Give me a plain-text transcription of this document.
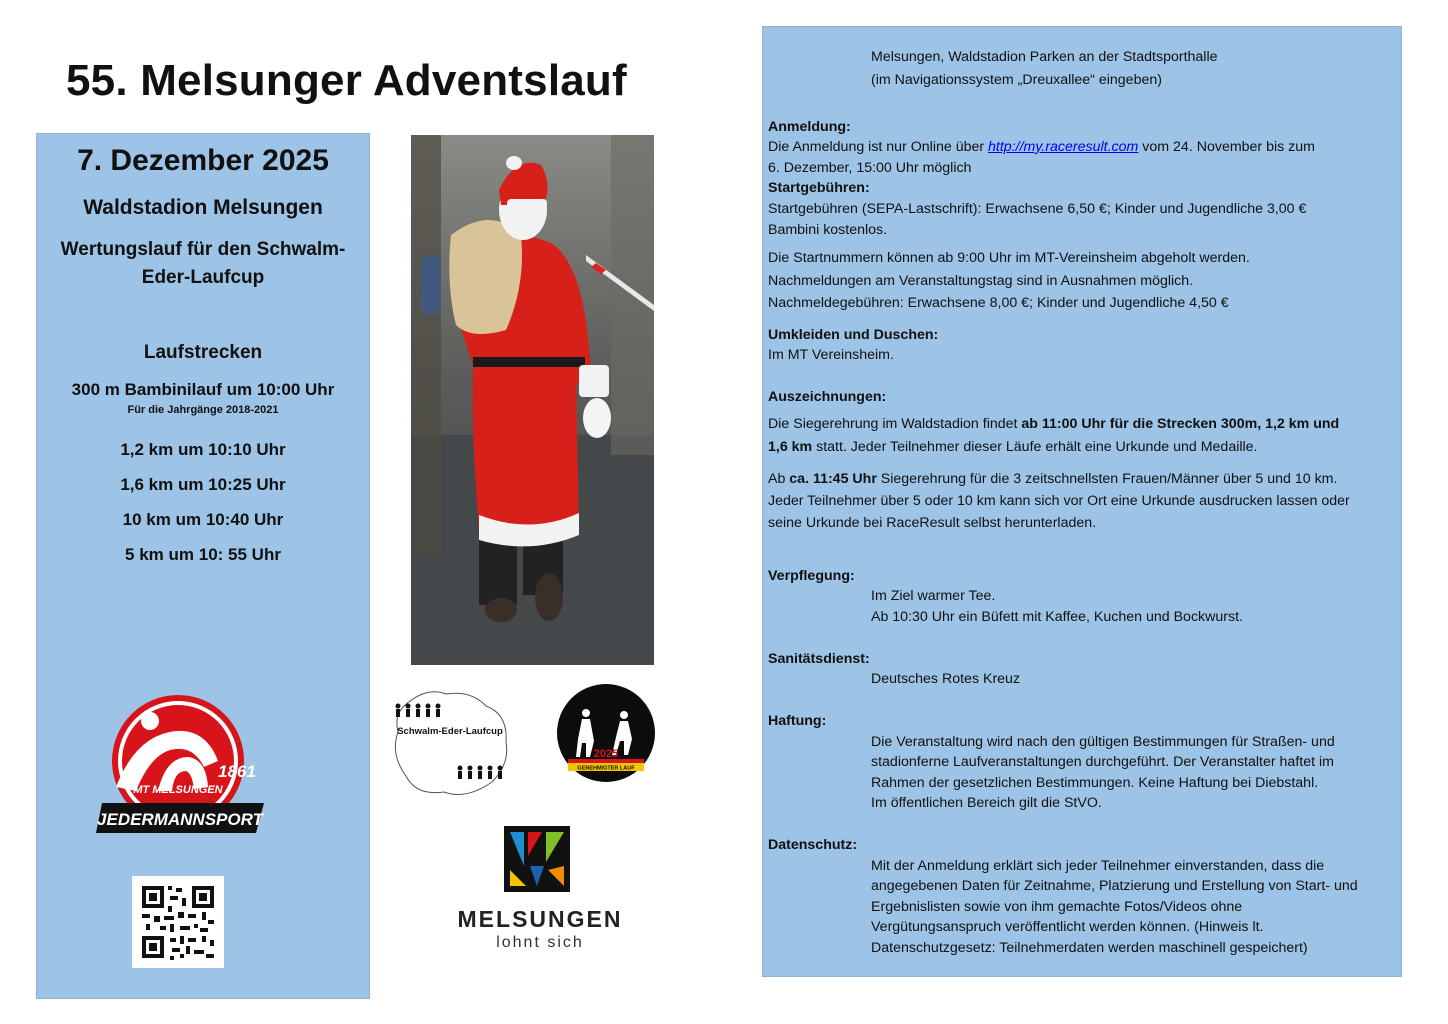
55. Melsunger Adventslauf
7. Dezember 2025
Waldstadion Melsungen
Wertungslauf für den Schwalm-
Eder-Laufcup
Laufstrecken
300 m Bambinilauf um 10:00 Uhr
Für die Jahrgänge 2018-2021
1,2 km um 10:10 Uhr
1,6 km um 10:25 Uhr
10 km um 10:40 Uhr
5 km um 10: 55 Uhr
1861
MT MELSUNGEN
JEDERMANNSPORT
Schwalm-Eder-Laufcup
2025
GENEHMIGTER LAUF
MELSUNGEN
lohnt sich
Melsungen, Waldstadion Parken an der Stadtsporthalle
(im Navigationssystem „Dreuxallee“ eingeben)
Anmeldung:
Die Anmeldung ist nur Online über http://my.raceresult.com vom 24. November bis zum
6. Dezember, 15:00 Uhr möglich
Startgebühren:
Startgebühren (SEPA-Lastschrift): Erwachsene 6,50 €; Kinder und Jugendliche 3,00 €
Bambini kostenlos.
Die Startnummern können ab 9:00 Uhr im MT-Vereinsheim abgeholt werden.
Nachmeldungen am Veranstaltungstag sind in Ausnahmen möglich.
Nachmeldegebühren: Erwachsene 8,00 €; Kinder und Jugendliche 4,50 €
Umkleiden und Duschen:
Im MT Vereinsheim.
Auszeichnungen:
Die Siegerehrung im Waldstadion findet ab 11:00 Uhr für die Strecken 300m, 1,2 km und
1,6 km statt. Jeder Teilnehmer dieser Läufe erhält eine Urkunde und Medaille.
Ab ca. 11:45 Uhr Siegerehrung für die 3 zeitschnellsten Frauen/Männer über 5 und 10 km.
Jeder Teilnehmer über 5 oder 10 km kann sich vor Ort eine Urkunde ausdrucken lassen oder
seine Urkunde bei RaceResult selbst herunterladen.
Verpflegung:
Im Ziel warmer Tee.
Ab 10:30 Uhr ein Büfett mit Kaffee, Kuchen und Bockwurst.
Sanitätsdienst:
Deutsches Rotes Kreuz
Haftung:
Die Veranstaltung wird nach den gültigen Bestimmungen für Straßen- und
stadionferne Laufveranstaltungen durchgeführt. Der Veranstalter haftet im
Rahmen der gesetzlichen Bestimmungen. Keine Haftung bei Diebstahl.
Im öffentlichen Bereich gilt die StVO.
Datenschutz:
Mit der Anmeldung erklärt sich jeder Teilnehmer einverstanden, dass die
angegebenen Daten für Zeitnahme, Platzierung und Erstellung von Start- und
Ergebnislisten sowie von ihm gemachte Fotos/Videos ohne
Vergütungsanspruch veröffentlicht werden können. (Hinweis lt.
Datenschutzgesetz: Teilnehmerdaten werden maschinell gespeichert)
